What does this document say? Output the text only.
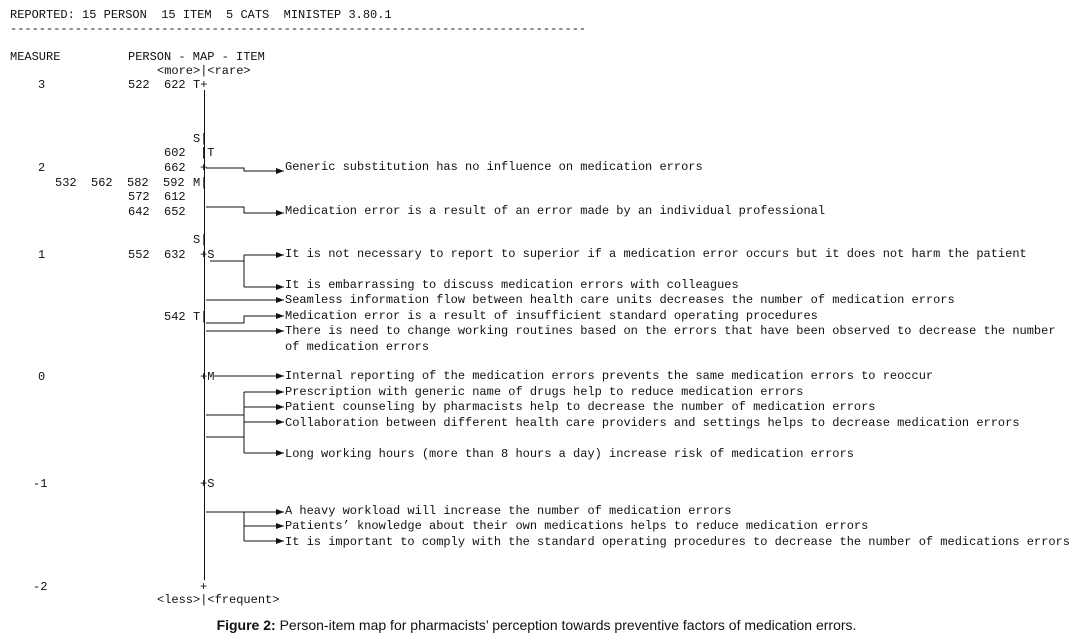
REPORTED: 15 PERSON  15 ITEM  5 CATS  MINISTEP 3.80.1
--------------------------------------------------------------------------------
MEASURE	PERSON - MAP - ITEM
<more>|<rare>
<less>|<frequent>
3
2
1
0
-1
-2
522  622
602
662
532  562  582  592
572  612
642  652
552  632
542
T+
S|
|T
+
M|
S|
+S
T|
+M
+S
+
Generic substitution has no influence on medication errors
Medication error is a result of an error made by an individual professional
It is not necessary to report to superior if a medication error occurs but it does not harm the patient
It is embarrassing to discuss medication errors with colleagues
Seamless information flow between health care units decreases the number of medication errors
Medication error is a result of insufficient standard operating procedures
There is need to change working routines based on the errors that have been observed to decrease the number of medication errors
Internal reporting of the medication errors prevents the same medication errors to reoccur
Prescription with generic name of drugs help to reduce medication errors
Patient counseling by pharmacists help to decrease the number of medication errors
Collaboration between different health care providers and settings helps to decrease medication errors
Long working hours (more than 8 hours a day) increase risk of medication errors
A heavy workload will increase the number of medication errors
Patients’ knowledge about their own medications helps to reduce medication errors
It is important to comply with the standard operating procedures to decrease the number of medications errors
Figure 2: Person-item map for pharmacists’ perception towards preventive factors of medication errors.
